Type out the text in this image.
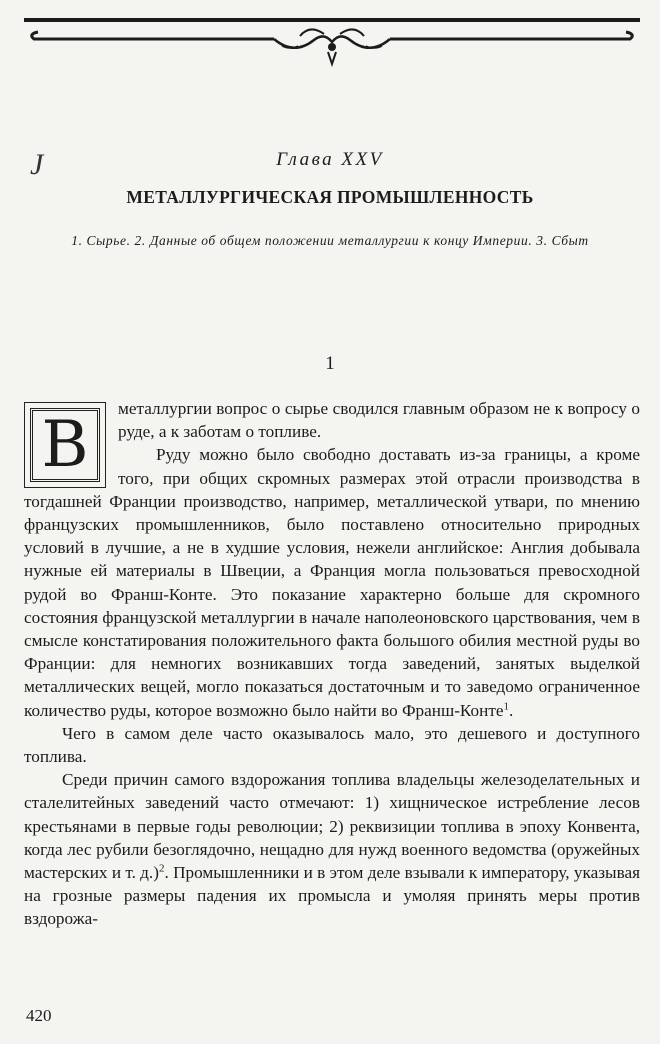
Ј	Глава XXV
МЕТАЛЛУРГИЧЕСКАЯ ПРОМЫШЛЕННОСТЬ
1. Сырье. 2. Данные об общем положении металлургии к концу Империи. 3. Сбыт
1
В	металлургии вопрос о сырье сводился главным образом не к вопросу о руде, а к заботам о топливе.

Руду можно было свободно доставать из-за границы, а кроме того, при общих скромных размерах этой отрасли производства в тогдашней Франции производство, например, металлической утвари, по мнению французских промышленников, было поставлено относительно природных условий в лучшие, а не в худшие условия, нежели английское: Англия добывала нужные ей материалы в Швеции, а Франция могла пользоваться превосходной рудой во Франш-Конте. Это показание характерно больше для скромного состояния французской металлургии в начале наполеоновского царствования, чем в смысле констатирования положительного факта большого обилия местной руды во Франции: для немногих возникавших тогда заведений, занятых выделкой металлических вещей, могло показаться достаточным и то заведомо ограниченное количество руды, которое возможно было найти во Франш-Конте$^1$.

Чего в самом деле часто оказывалось мало, это дешевого и доступного топлива.

Среди причин самого вздорожания топлива владельцы железоделательных и сталелитейных заведений часто отмечают: 1) хищническое истребление лесов крестьянами в первые годы революции; 2) реквизиции топлива в эпоху Конвента, когда лес рубили безоглядочно, нещадно для нужд военного ведомства (оружейных мастерских и т. д.)$^2$. Промышленники и в этом деле взывали к императору, указывая на грозные размеры падения их промысла и умоляя принять меры против вздорожа-

420
